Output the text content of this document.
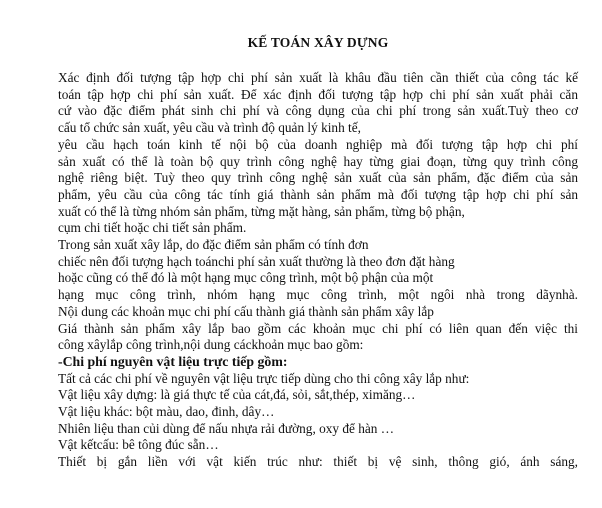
KẾ TOÁN XÂY DỰNG

Xác định đối tượng tập hợp chi phí sản xuất là khâu đầu tiên cần thiết của công tác kế

toán tập hợp chi phí sản xuất. Để xác định đối tượng tập hợp chi phí sản xuất phải căn

cứ vào đặc điểm phát sinh chi phí và công dụng của chi phí trong sản xuất.Tuỳ theo cơ

cấu tổ chức sản xuất, yêu cầu và trình độ quản lý kinh tế,

yêu cầu hạch toán kinh tế nội bộ của doanh nghiệp mà đối tượng tập hợp chi phí

sản xuất có thể là toàn bộ quy trình công nghệ hay từng giai đoạn, từng quy trình công

nghệ riêng biệt. Tuỳ theo quy trình công nghệ sản xuất của sản phẩm, đặc điểm của sản

phẩm, yêu cầu của công tác tính giá thành sản phẩm mà đối tượng tập hợp chi phí sản

xuất có thể là từng nhóm sản phẩm, từng mặt hàng, sản phẩm, từng bộ phận,

cụm chi tiết hoặc chi tiết sản phẩm.

Trong sản xuất xây lắp, do đặc điểm sản phẩm có tính đơn

chiếc nên đối tượng hạch toánchi phí sản xuất thường là theo đơn đặt hàng

hoặc cũng có thể đó là một hạng mục công trình, một bộ phận của một

hạng mục công trình, nhóm hạng mục công trình, một ngôi nhà trong dãynhà.

Nội dung các khoản mục chi phí cấu thành giá thành sản phẩm xây lắp

Giá thành sản phẩm xây lắp bao gồm các khoản mục chi phí có liên quan đến việc thi

công xâylắp công trình,nội dung cáckhoản mục bao gồm:

-Chi phí nguyên vật liệu trực tiếp gồm:

Tất cả các chi phí về nguyên vật liệu trực tiếp dùng cho thi công xây lắp như:

Vật liệu xây dựng: là giá thực tế của cát,đá, sỏi, sắt,thép, ximăng…

Vật liệu khác: bột màu, dao, đinh, dây…

Nhiên liệu than củi dùng để nấu nhựa rải đường, oxy để hàn …

Vật kếtcấu: bê tông đúc sẵn…

Thiết bị gắn liền với vật kiến trúc như: thiết bị vệ sinh, thông gió, ánh sáng,
